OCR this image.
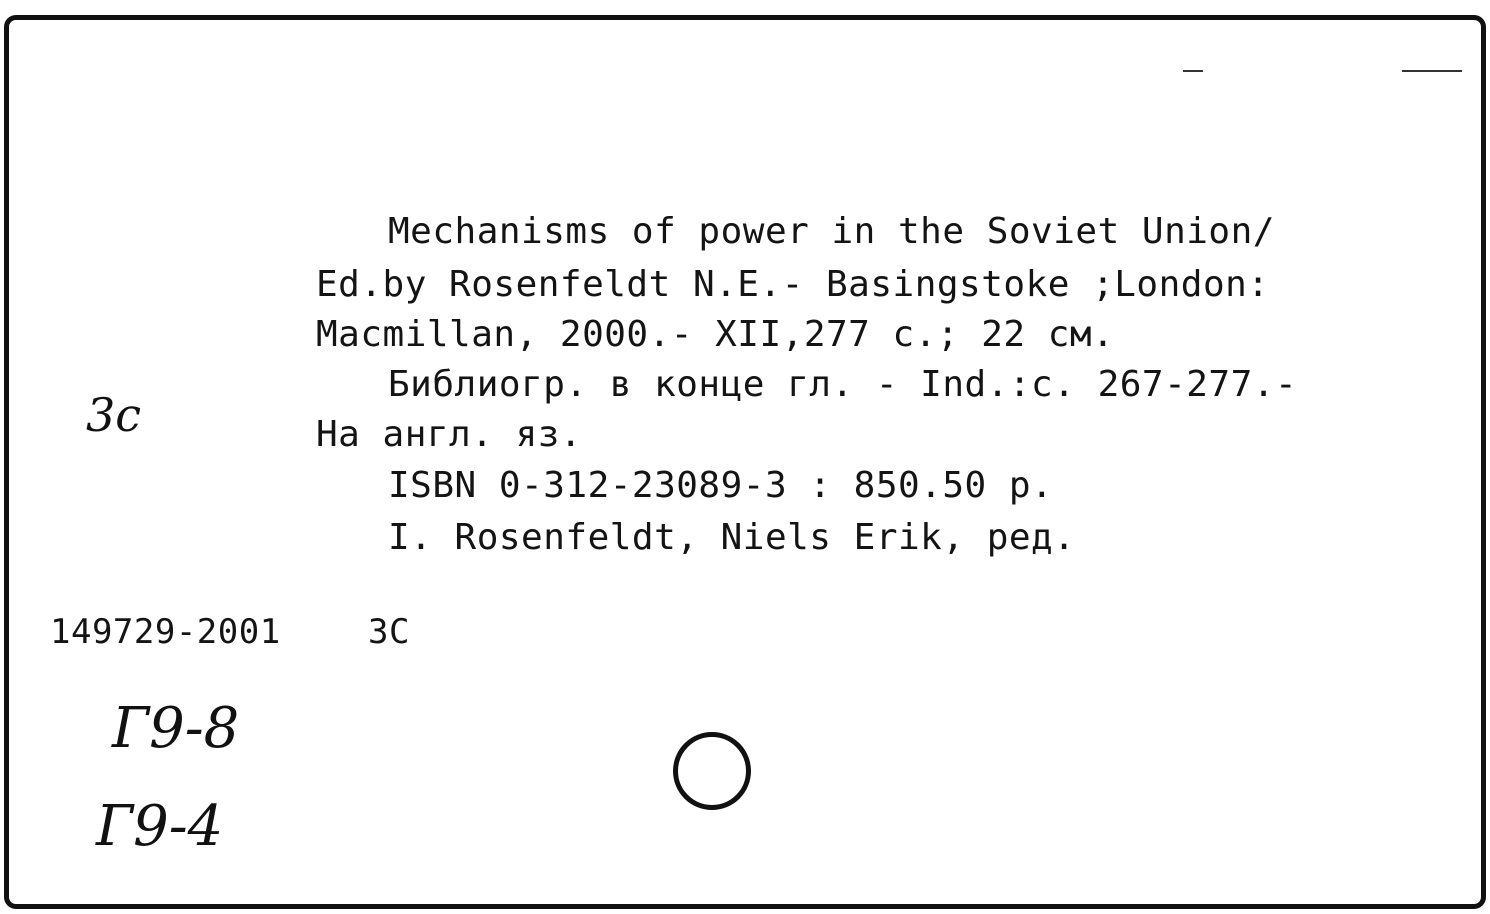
Mechanisms of power in the Soviet Union/
Ed.by Rosenfeldt N.E.- Basingstoke ;London:
Macmillan, 2000.- XII,277 c.; 22 см.
Библиогр. в конце гл. - Ind.:c. 267-277.-
На англ. яз.
ISBN 0-312-23089-3 : 850.50 р.
I. Rosenfeldt, Niels Erik, ред.
3c
149729-2001	3C
Г9-8
Г9-4
